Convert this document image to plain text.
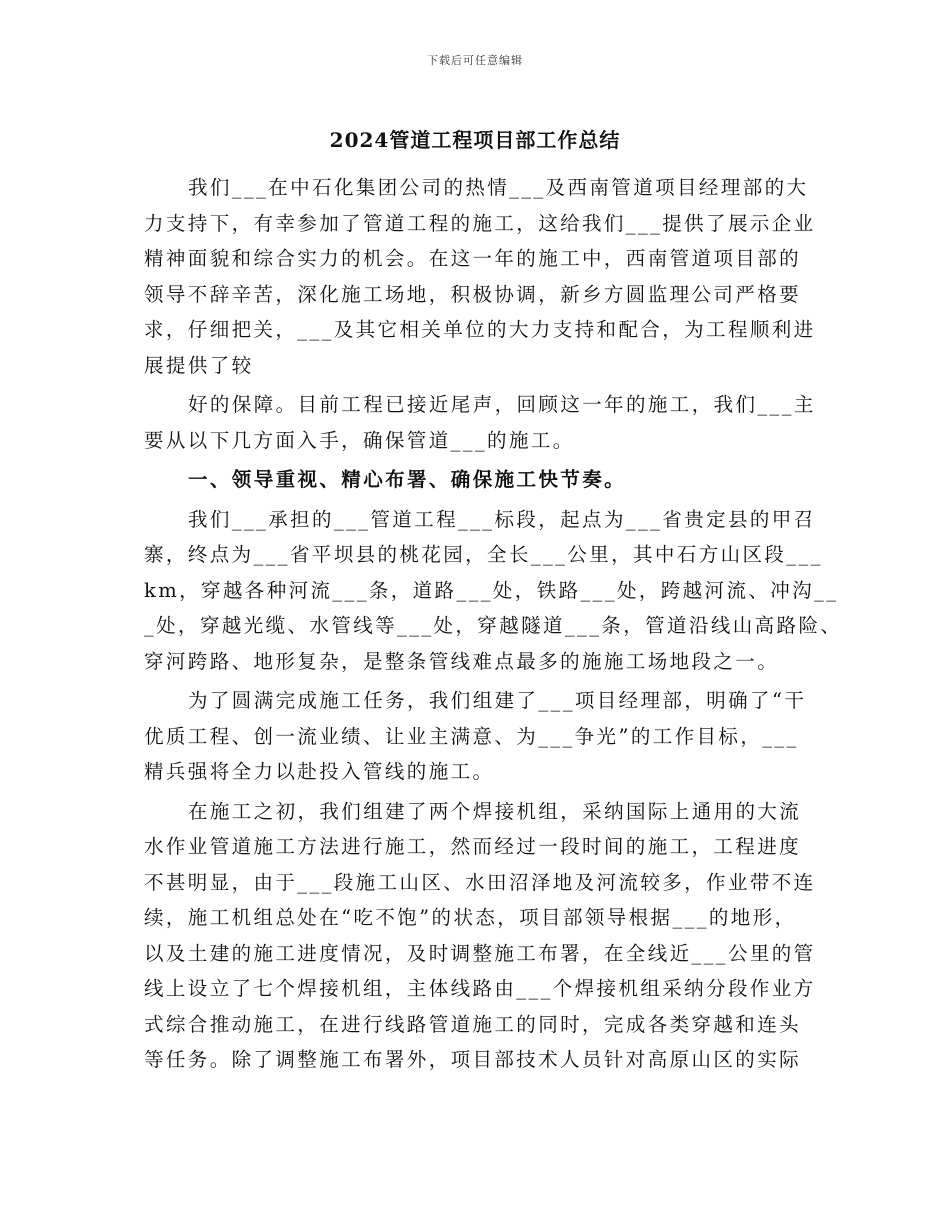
下载后可任意编辑
2024管道工程项目部工作总结
我们___在中石化集团公司的热情___及西南管道项目经理部的大
力支持下，有幸参加了管道工程的施工，这给我们___提供了展示企业
精神面貌和综合实力的机会。在这一年的施工中，西南管道项目部的
领导不辞辛苦，深化施工场地，积极协调，新乡方圆监理公司严格要
求，仔细把关，___及其它相关单位的大力支持和配合，为工程顺利进
展提供了较
好的保障。目前工程已接近尾声，回顾这一年的施工，我们___主
要从以下几方面入手，确保管道___的施工。
一、领导重视、精心布署、确保施工快节奏。
我们___承担的___管道工程___标段，起点为___省贵定县的甲召
寨，终点为___省平坝县的桃花园，全长___公里，其中石方山区段___
km，穿越各种河流___条，道路___处，铁路___处，跨越河流、冲沟__
_处，穿越光缆、水管线等___处，穿越隧道___条，管道沿线山高路险、
穿河跨路、地形复杂，是整条管线难点最多的施施工场地段之一。
为了圆满完成施工任务，我们组建了___项目经理部，明确了“干
优质工程、创一流业绩、让业主满意、为___争光”的工作目标，___
精兵强将全力以赴投入管线的施工。
在施工之初，我们组建了两个焊接机组，采纳国际上通用的大流
水作业管道施工方法进行施工，然而经过一段时间的施工，工程进度
不甚明显，由于___段施工山区、水田沼泽地及河流较多，作业带不连
续，施工机组总处在“吃不饱”的状态，项目部领导根据___的地形，
以及土建的施工进度情况，及时调整施工布署，在全线近___公里的管
线上设立了七个焊接机组，主体线路由___个焊接机组采纳分段作业方
式综合推动施工，在进行线路管道施工的同时，完成各类穿越和连头
等任务。除了调整施工布署外，项目部技术人员针对高原山区的实际
